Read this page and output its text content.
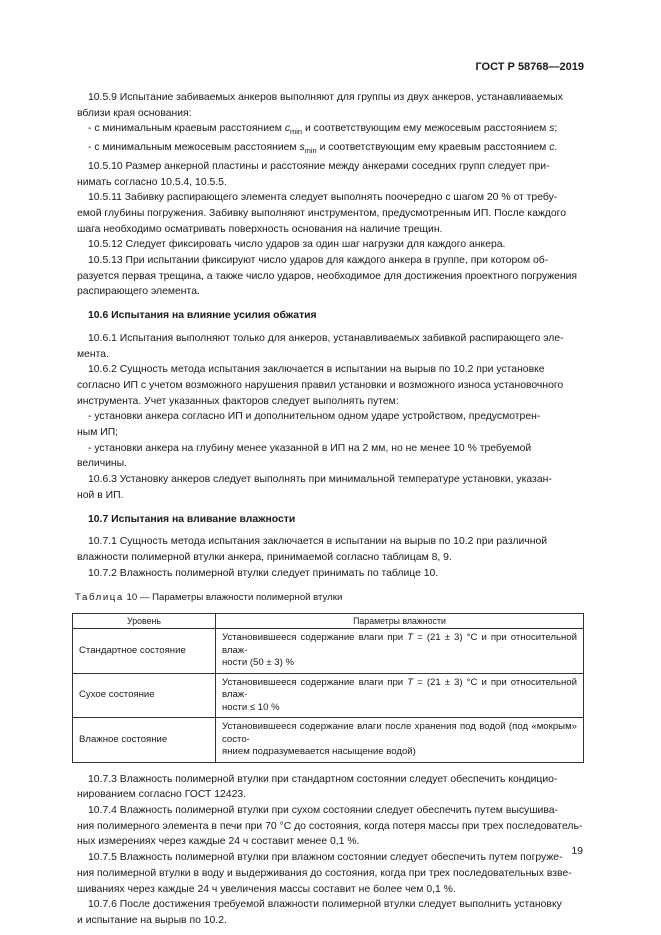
ГОСТ Р 58768—2019

10.5.9 Испытание забиваемых анкеров выполняют для группы из двух анкеров, устанавливаемых
вблизи края основания:

- с минимальным краевым расстоянием $c_{min}$ и соответствующим ему межосевым расстоянием s;

- с минимальным межосевым расстоянием $s_{min}$ и соответствующим ему краевым расстоянием c.

10.5.10 Размер анкерной пластины и расстояние между анкерами соседних групп следует при-
нимать согласно 10.5.4, 10.5.5.

10.5.11 Забивку распирающего элемента следует выполнять поочередно с шагом 20 % от требу-
емой глубины погружения. Забивку выполняют инструментом, предусмотренным ИП. После каждого
шага необходимо осматривать поверхность основания на наличие трещин.

10.5.12 Следует фиксировать число ударов за один шаг нагрузки для каждого анкера.

10.5.13 При испытании фиксируют число ударов для каждого анкера в группе, при котором об-
разуется первая трещина, а также число ударов, необходимое для достижения проектного погружения
распирающего элемента.

10.6 Испытания на влияние усилия обжатия

10.6.1 Испытания выполняют только для анкеров, устанавливаемых забивкой распирающего эле-
мента.

10.6.2 Сущность метода испытания заключается в испытании на вырыв по 10.2 при установке
согласно ИП с учетом возможного нарушения правил установки и возможного износа установочного
инструмента. Учет указанных факторов следует выполнять путем:

- установки анкера согласно ИП и дополнительном одном ударе устройством, предусмотрен-
ным ИП;

- установки анкера на глубину менее указанной в ИП на 2 мм, но не менее 10 % требуемой
величины.

10.6.3 Установку анкеров следует выполнять при минимальной температуре установки, указан-
ной в ИП.

10.7 Испытания на вливание влажности

10.7.1 Сущность метода испытания заключается в испытании на вырыв по 10.2 при различной
влажности полимерной втулки анкера, принимаемой согласно таблицам 8, 9.

10.7.2 Влажность полимерной втулки следует принимать по таблице 10.

Таблица 10 — Параметры влажности полимерной втулки

Уровень	Параметры влажности
Стандартное состояние	Установившееся содержание влаги при T = (21 ± 3) °С и при относительной влаж-
ности (50 ± 3) %
Сухое состояние	Установившееся содержание влаги при T = (21 ± 3) °С и при относительной влаж-
ности ≤ 10 %
Влажное состояние	Установившееся содержание влаги после хранения под водой (под «мокрым» состо-
янием подразумевается насыщение водой)

10.7.3 Влажность полимерной втулки при стандартном состоянии следует обеспечить кондицио-
нированием согласно ГОСТ 12423.

10.7.4 Влажность полимерной втулки при сухом состоянии следует обеспечить путем высушива-
ния полимерного элемента в печи при 70 °С до состояния, когда потеря массы при трех последователь-
ных измерениях через каждые 24 ч составит менее 0,1 %.

10.7.5 Влажность полимерной втулки при влажном состоянии следует обеспечить путем погруже-
ния полимерной втулки в воду и выдерживания до состояния, когда при трех последовательных взве-
шиваниях через каждые 24 ч увеличения массы составит не более чем 0,1 %.

10.7.6 После достижения требуемой влажности полимерной втулки следует выполнить установку
и испытание на вырыв по 10.2.

19
